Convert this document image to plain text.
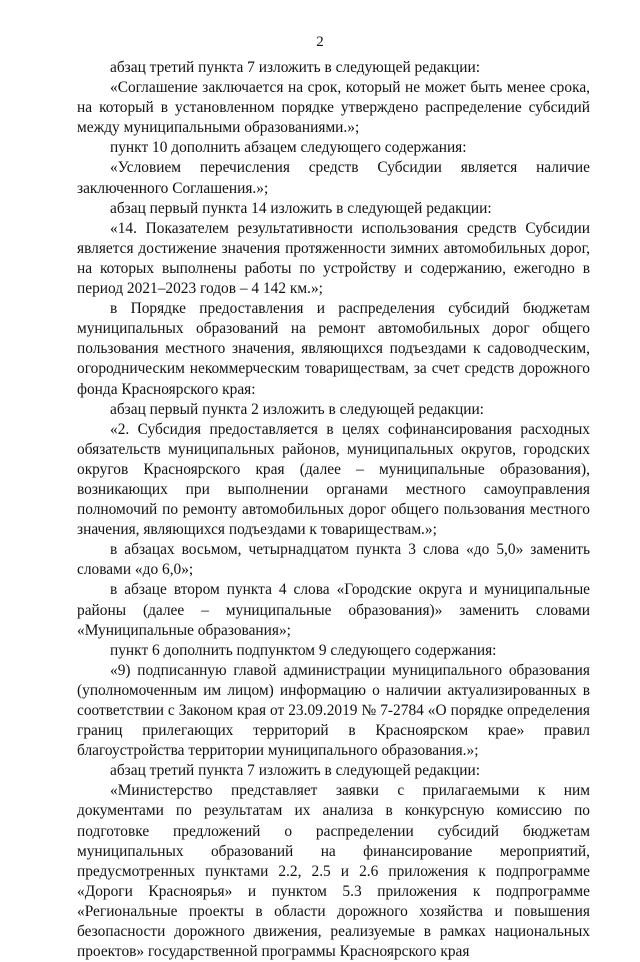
2

абзац третий пункта 7 изложить в следующей редакции:

«Соглашение заключается на срок, который не может быть менее срока, на который в установленном порядке утверждено распределение субсидий между муниципальными образованиями.»;

пункт 10 дополнить абзацем следующего содержания:

«Условием перечисления средств Субсидии является наличие заключенного Соглашения.»;

абзац первый пункта 14 изложить в следующей редакции:

«14. Показателем результативности использования средств Субсидии является достижение значения протяженности зимних автомобильных дорог, на которых выполнены работы по устройству и содержанию, ежегодно в период 2021–2023 годов – 4 142 км.»;

в Порядке предоставления и распределения субсидий бюджетам муниципальных образований на ремонт автомобильных дорог общего пользования местного значения, являющихся подъездами к садоводческим, огородническим некоммерческим товариществам, за счет средств дорожного фонда Красноярского края:

абзац первый пункта 2 изложить в следующей редакции:

«2. Субсидия предоставляется в целях софинансирования расходных обязательств муниципальных районов, муниципальных округов, городских округов Красноярского края (далее – муниципальные образования), возникающих при выполнении органами местного самоуправления полномочий по ремонту автомобильных дорог общего пользования местного значения, являющихся подъездами к товариществам.»;

в абзацах восьмом, четырнадцатом пункта 3 слова «до 5,0» заменить словами «до 6,0»;

в абзаце втором пункта 4 слова «Городские округа и муниципальные районы (далее – муниципальные образования)» заменить словами «Муниципальные образования»;

пункт 6 дополнить подпунктом 9 следующего содержания:

«9) подписанную главой администрации муниципального образования (уполномоченным им лицом) информацию о наличии актуализированных в соответствии с Законом края от 23.09.2019 № 7-2784 «О порядке определения границ прилегающих территорий в Красноярском крае» правил благоустройства территории муниципального образования.»;

абзац третий пункта 7 изложить в следующей редакции:

«Министерство представляет заявки с прилагаемыми к ним документами по результатам их анализа в конкурсную комиссию по подготовке предложений о распределении субсидий бюджетам муниципальных образований на финансирование мероприятий, предусмотренных пунктами 2.2, 2.5 и 2.6 приложения к подпрограмме «Дороги Красноярья» и пунктом 5.3 приложения к подпрограмме «Региональные проекты в области дорожного хозяйства и повышения безопасности дорожного движения, реализуемые в рамках национальных проектов» государственной программы Красноярского края
